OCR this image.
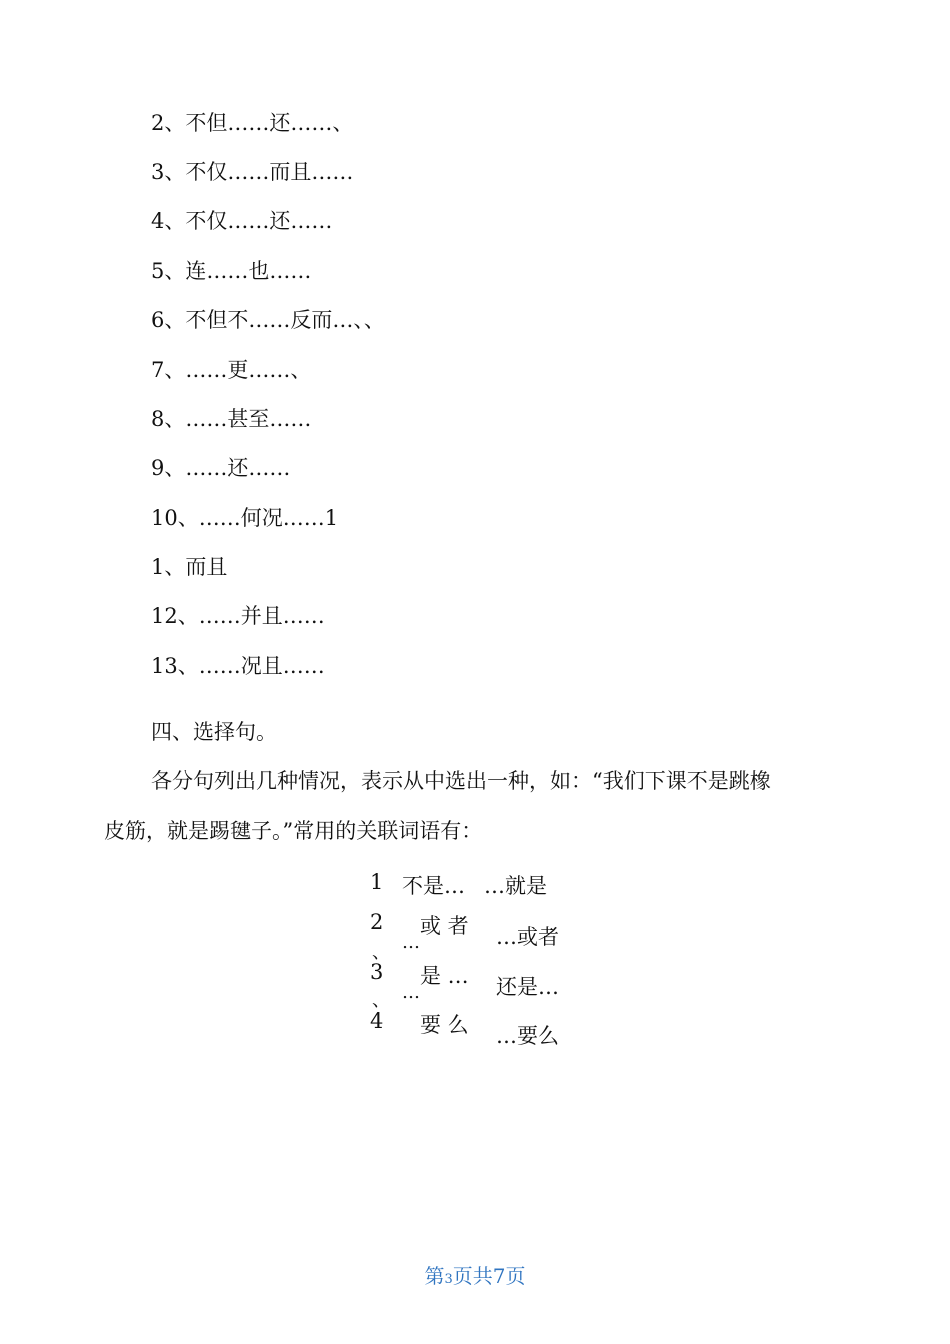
2、不但……还……、
3、不仅……而且……
4、不仅……还……
5、连……也……
6、不但不……反而…、、
7、……更……、
8、……甚至……
9、……还……
10、……何况……1
1、而且
12、……并且……
13、……况且……
四、选择句。
各分句列出几种情况，表示从中选出一种，如：“我们下课不是跳橡
皮筋，就是踢毽子。”常用的关联词语有：
1 不是… …就是
2
、
或 者
…	…或者
3
、
是 …
…	还是…
4 要 么 …要么
第3页共7页
